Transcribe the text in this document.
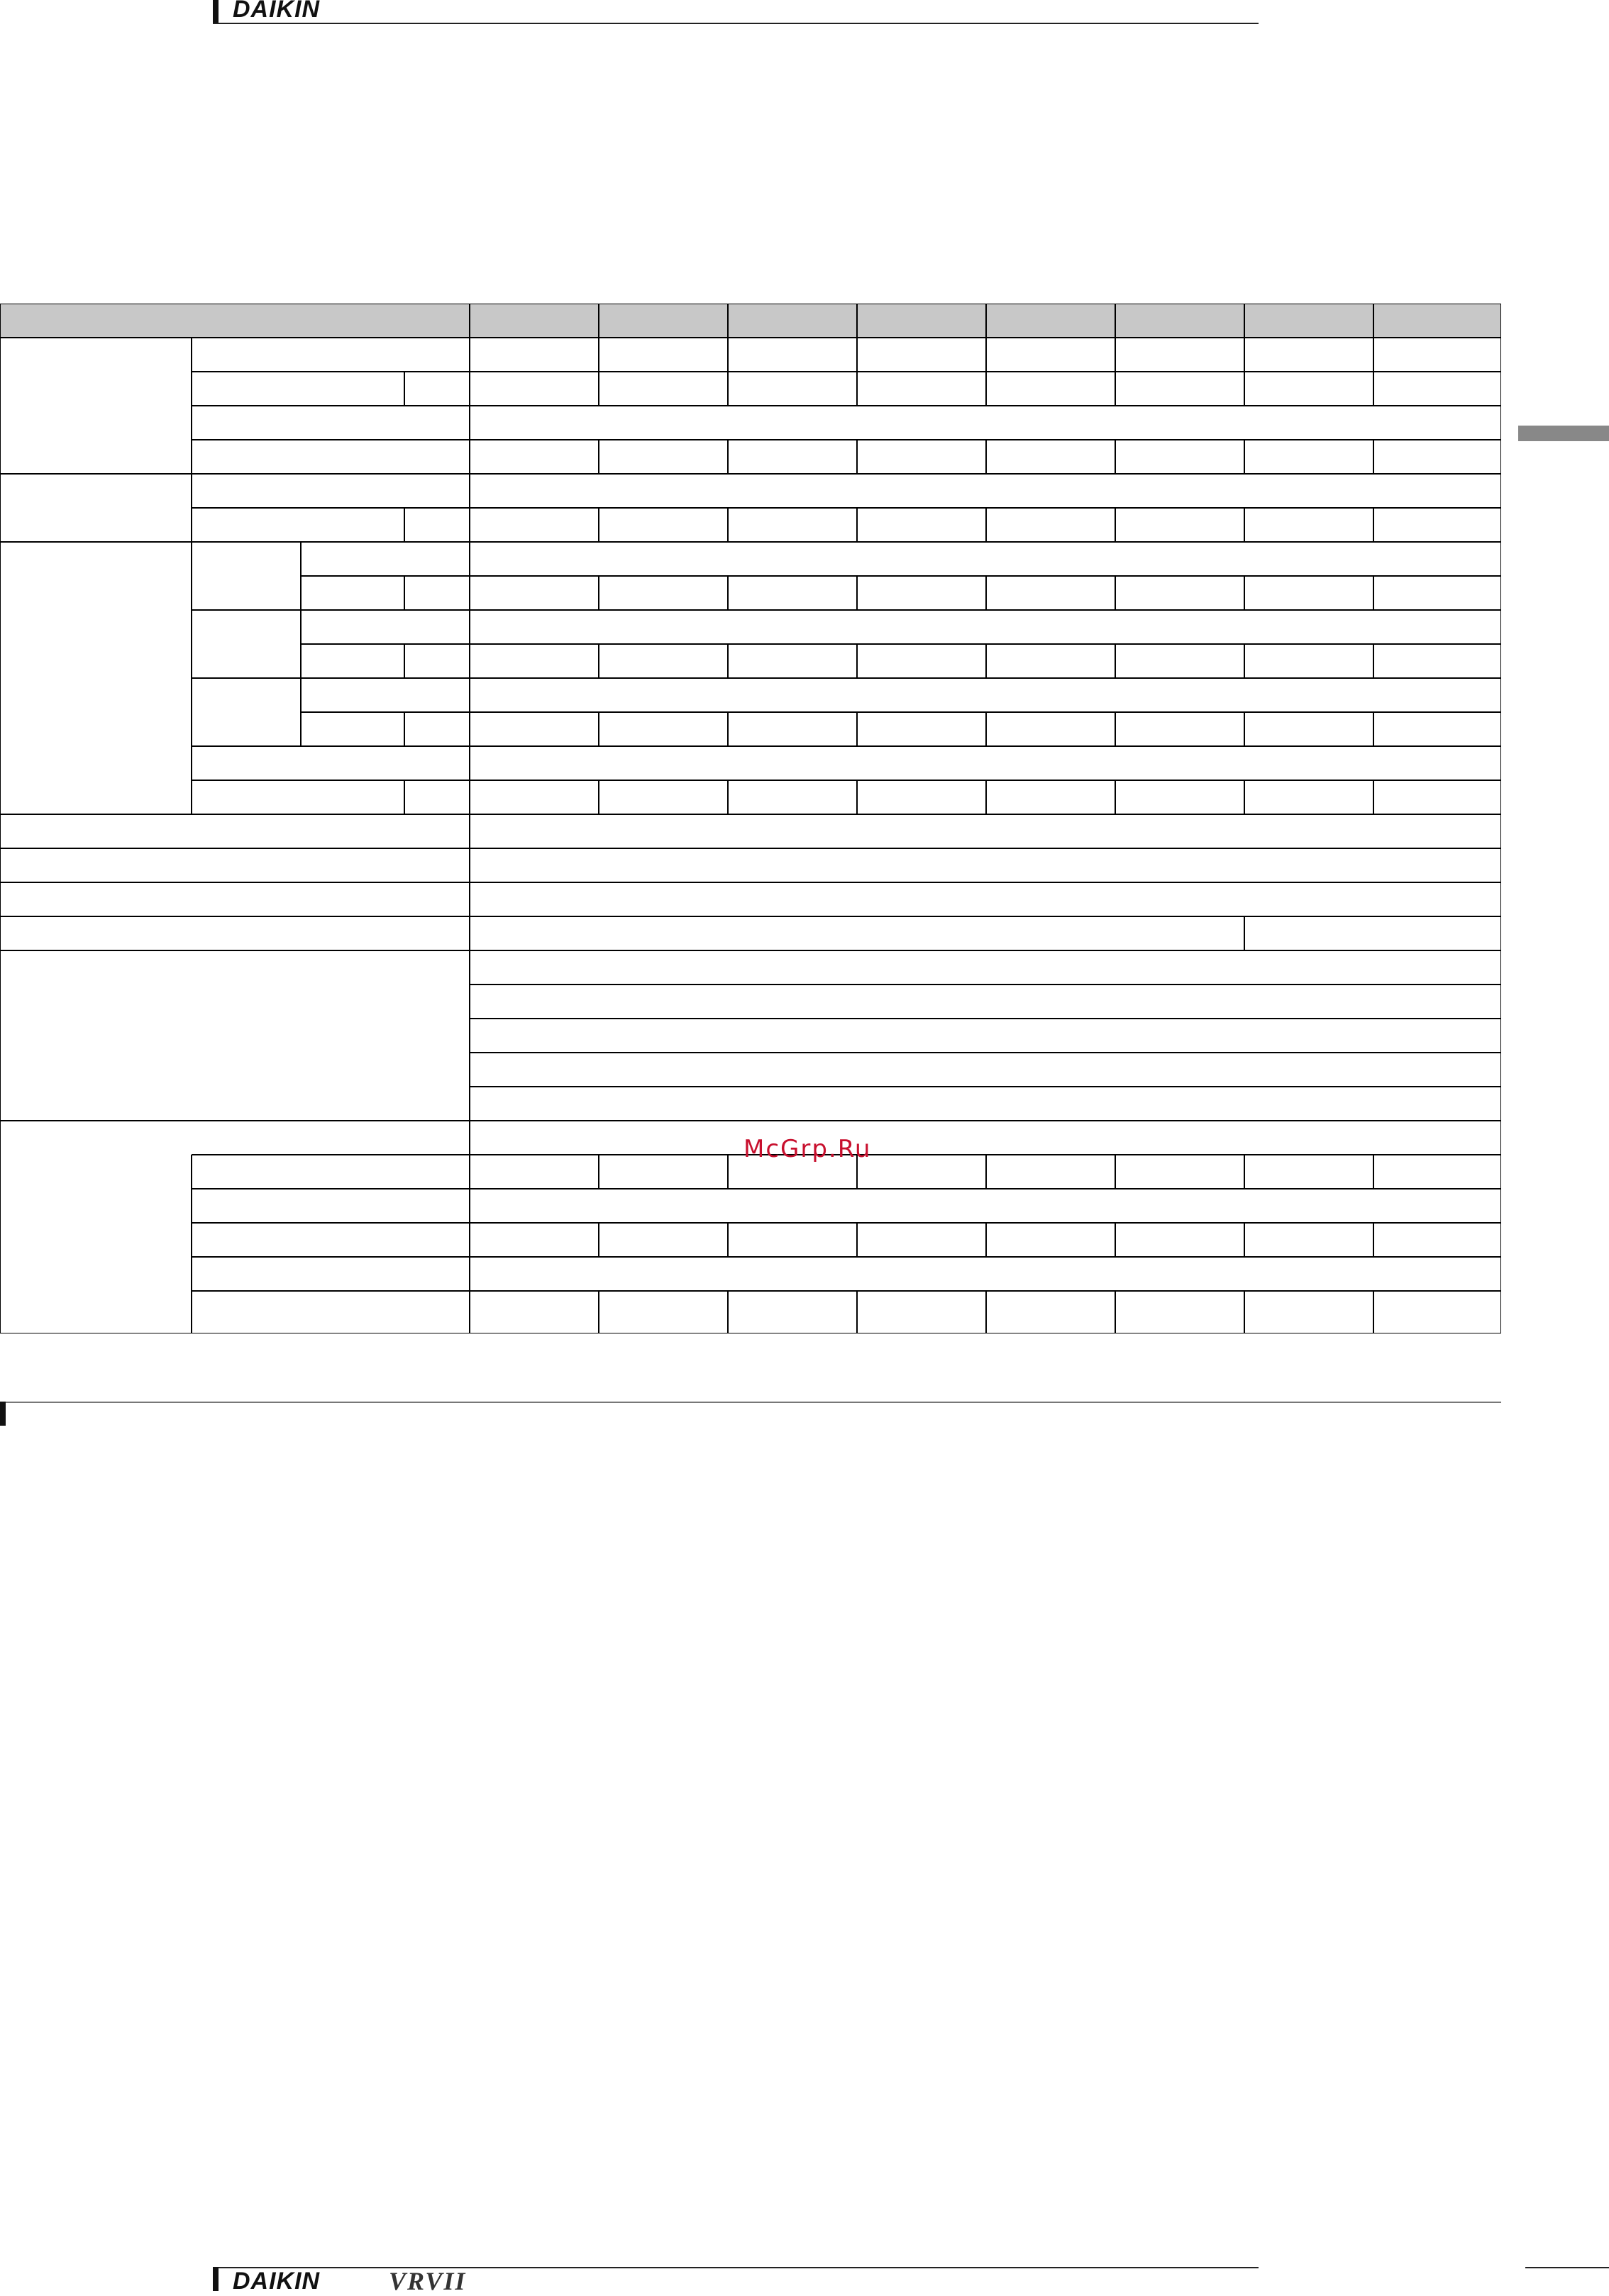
DAIKIN
McGrp.Ru
DAIKIN	VRVII
